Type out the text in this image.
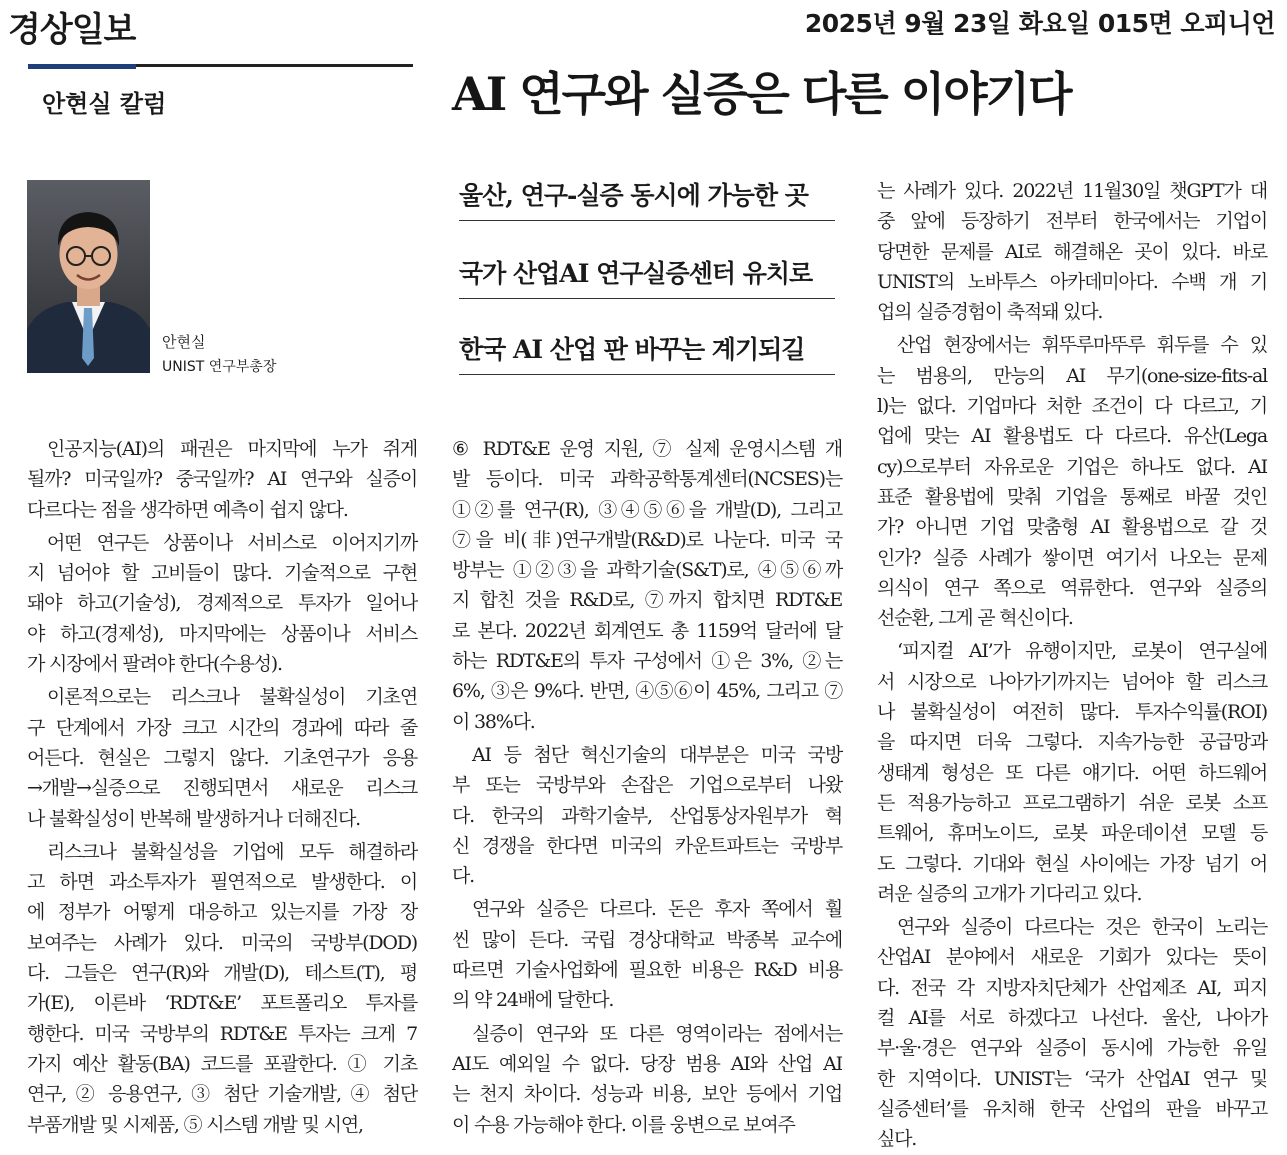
경상일보	2025년 9월 23일 화요일 015면 오피니언
안현실 칼럼	AI 연구와 실증은 다른 이야기다
안현실
UNIST 연구부총장
울산, 연구-실증 동시에 가능한 곳
국가 산업AI 연구실증센터 유치로
한국 AI 산업 판 바꾸는 계기되길
인공지능(AI)의 패권은 마지막에 누가 쥐게
될까? 미국일까? 중국일까? AI 연구와 실증이
다르다는 점을 생각하면 예측이 쉽지 않다.
어떤 연구든 상품이나 서비스로 이어지기까
지 넘어야 할 고비들이 많다. 기술적으로 구현
돼야 하고(기술성), 경제적으로 투자가 일어나
야 하고(경제성), 마지막에는 상품이나 서비스
가 시장에서 팔려야 한다(수용성).
이론적으로는 리스크나 불확실성이 기초연
구 단계에서 가장 크고 시간의 경과에 따라 줄
어든다. 현실은 그렇지 않다. 기초연구가 응용
→개발→실증으로 진행되면서 새로운 리스크
나 불확실성이 반복해 발생하거나 더해진다.
리스크나 불확실성을 기업에 모두 해결하라
고 하면 과소투자가 필연적으로 발생한다. 이
에 정부가 어떻게 대응하고 있는지를 가장 장
보여주는 사례가 있다. 미국의 국방부(DOD)
다. 그들은 연구(R)와 개발(D), 테스트(T), 평
가(E), 이른바 ‘RDT&E’ 포트폴리오 투자를
행한다. 미국 국방부의 RDT&E 투자는 크게 7
가지 예산 활동(BA) 코드를 포괄한다. ① 기초
연구, ② 응용연구, ③ 첨단 기술개발, ④ 첨단
부품개발 및 시제품, ⑤ 시스템 개발 및 시연,
⑥ RDT&E 운영 지원, ⑦ 실제 운영시스템 개
발 등이다. 미국 과학공학통계센터(NCSES)는
①②를 연구(R), ③④⑤⑥을 개발(D), 그리고
⑦을 비(非)연구개발(R&D)로 나눈다. 미국 국
방부는 ①②③을 과학기술(S&T)로, ④⑤⑥까
지 합친 것을 R&D로, ⑦까지 합치면 RDT&E
로 본다. 2022년 회계연도 총 1159억 달러에 달
하는 RDT&E의 투자 구성에서 ①은 3%, ②는
6%, ③은 9%다. 반면, ④⑤⑥이 45%, 그리고 ⑦
이 38%다.
AI 등 첨단 혁신기술의 대부분은 미국 국방
부 또는 국방부와 손잡은 기업으로부터 나왔
다. 한국의 과학기술부, 산업통상자원부가 혁
신 경쟁을 한다면 미국의 카운트파트는 국방부
다.
연구와 실증은 다르다. 돈은 후자 쪽에서 훨
씬 많이 든다. 국립 경상대학교 박종복 교수에
따르면 기술사업화에 필요한 비용은 R&D 비용
의 약 24배에 달한다.
실증이 연구와 또 다른 영역이라는 점에서는
AI도 예외일 수 없다. 당장 범용 AI와 산업 AI
는 천지 차이다. 성능과 비용, 보안 등에서 기업
이 수용 가능해야 한다. 이를 웅변으로 보여주
는 사례가 있다. 2022년 11월30일 챗GPT가 대
중 앞에 등장하기 전부터 한국에서는 기업이
당면한 문제를 AI로 해결해온 곳이 있다. 바로
UNIST의 노바투스 아카데미아다. 수백 개 기
업의 실증경험이 축적돼 있다.
산업 현장에서는 휘뚜루마뚜루 휘두를 수 있
는 범용의, 만능의 AI 무기(one-size-fits-al
l)는 없다. 기업마다 처한 조건이 다 다르고, 기
업에 맞는 AI 활용법도 다 다르다. 유산(Lega
cy)으로부터 자유로운 기업은 하나도 없다. AI
표준 활용법에 맞춰 기업을 통째로 바꿀 것인
가? 아니면 기업 맞춤형 AI 활용법으로 갈 것
인가? 실증 사례가 쌓이면 여기서 나오는 문제
의식이 연구 쪽으로 역류한다. 연구와 실증의
선순환, 그게 곧 혁신이다.
‘피지컬 AI’가 유행이지만, 로봇이 연구실에
서 시장으로 나아가기까지는 넘어야 할 리스크
나 불확실성이 여전히 많다. 투자수익률(ROI)
을 따지면 더욱 그렇다. 지속가능한 공급망과
생태계 형성은 또 다른 얘기다. 어떤 하드웨어
든 적용가능하고 프로그램하기 쉬운 로봇 소프
트웨어, 휴머노이드, 로봇 파운데이션 모델 등
도 그렇다. 기대와 현실 사이에는 가장 넘기 어
려운 실증의 고개가 기다리고 있다.
연구와 실증이 다르다는 것은 한국이 노리는
산업AI 분야에서 새로운 기회가 있다는 뜻이
다. 전국 각 지방자치단체가 산업제조 AI, 피지
컬 AI를 서로 하겠다고 나선다. 울산, 나아가
부·울·경은 연구와 실증이 동시에 가능한 유일
한 지역이다. UNIST는 ‘국가 산업AI 연구 및
실증센터’를 유치해 한국 산업의 판을 바꾸고
싶다.
